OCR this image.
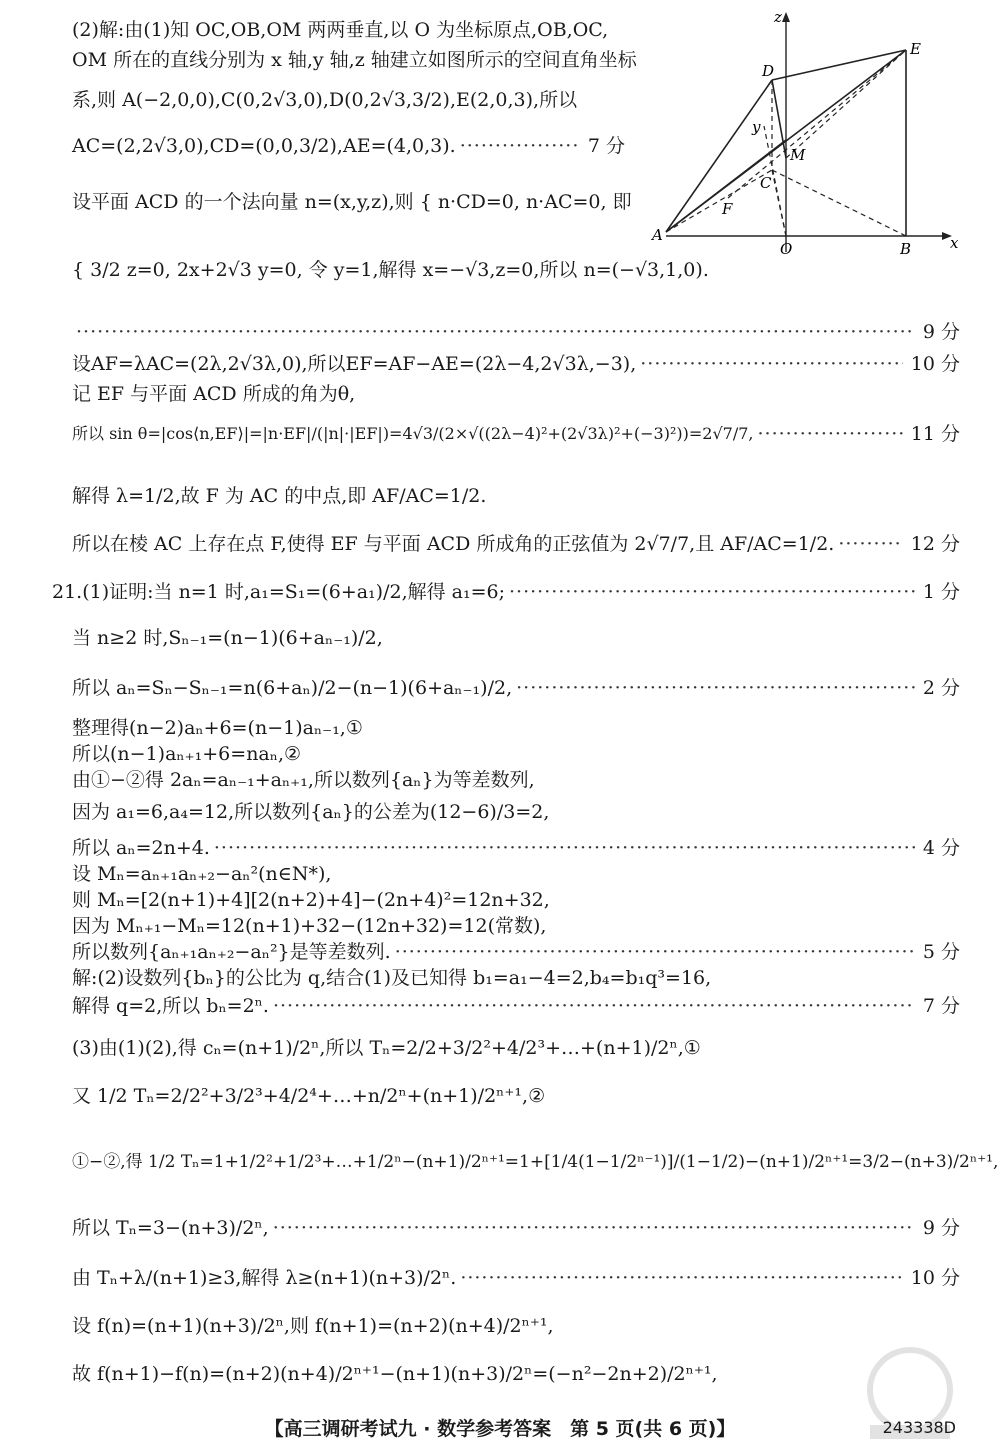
z
y
x
A
B
O
C
D
E
M
F
(2)解:由(1)知 OC,OB,OM 两两垂直,以 O 为坐标原点,OB,OC,
OM 所在的直线分别为 x 轴,y 轴,z 轴建立如图所示的空间直角坐标
系,则 A(−2,0,0),C(0,2√3,0),D(0,2√3,3/2),E(2,0,3),所以
AC=(2,2√3,0),CD=(0,0,3/2),AE=(4,0,3). ·····	7 分
设平面 ACD 的一个法向量 n=(x,y,z),则 { n·CD=0, n·AC=0, 即
{ 3/2 z=0, 2x+2√3 y=0, 令 y=1,解得 x=−√3,z=0,所以 n=(−√3,1,0).
·····
9 分
设AF=λAC=(2λ,2√3λ,0),所以EF=AF−AE=(2λ−4,2√3λ,−3), ·····	10 分
记 EF 与平面 ACD 所成的角为θ,
所以 sin θ=|cos⟨n,EF⟩|=|n·EF|/(|n|·|EF|)=4√3/(2×√((2λ−4)²+(2√3λ)²+(−3)²))=2√7/7, ·····	11 分
解得 λ=1/2,故 F 为 AC 的中点,即 AF/AC=1/2.
所以在棱 AC 上存在点 F,使得 EF 与平面 ACD 所成角的正弦值为 2√7/7,且 AF/AC=1/2. ·····	12 分
21.(1)证明:当 n=1 时,a₁=S₁=(6+a₁)/2,解得 a₁=6; ·····	1 分
当 n≥2 时,Sₙ₋₁=(n−1)(6+aₙ₋₁)/2,
所以 aₙ=Sₙ−Sₙ₋₁=n(6+aₙ)/2−(n−1)(6+aₙ₋₁)/2, ·····	2 分
整理得(n−2)aₙ+6=(n−1)aₙ₋₁,①
所以(n−1)aₙ₊₁+6=naₙ,②
由①−②得 2aₙ=aₙ₋₁+aₙ₊₁,所以数列{aₙ}为等差数列,
因为 a₁=6,a₄=12,所以数列{aₙ}的公差为(12−6)/3=2,
所以 aₙ=2n+4. ·····	4 分
设 Mₙ=aₙ₊₁aₙ₊₂−aₙ²(n∈N*),
则 Mₙ=[2(n+1)+4][2(n+2)+4]−(2n+4)²=12n+32,
因为 Mₙ₊₁−Mₙ=12(n+1)+32−(12n+32)=12(常数),
所以数列{aₙ₊₁aₙ₊₂−aₙ²}是等差数列. ·····	5 分
解:(2)设数列{bₙ}的公比为 q,结合(1)及已知得 b₁=a₁−4=2,b₄=b₁q³=16,
解得 q=2,所以 bₙ=2ⁿ. ·····	7 分
(3)由(1)(2),得 cₙ=(n+1)/2ⁿ,所以 Tₙ=2/2+3/2²+4/2³+…+(n+1)/2ⁿ,①
又 1/2 Tₙ=2/2²+3/2³+4/2⁴+…+n/2ⁿ+(n+1)/2ⁿ⁺¹,②
①−②,得 1/2 Tₙ=1+1/2²+1/2³+…+1/2ⁿ−(n+1)/2ⁿ⁺¹=1+[1/4(1−1/2ⁿ⁻¹)]/(1−1/2)−(n+1)/2ⁿ⁺¹=3/2−(n+3)/2ⁿ⁺¹,
所以 Tₙ=3−(n+3)/2ⁿ, ·····	9 分
由 Tₙ+λ/(n+1)≥3,解得 λ≥(n+1)(n+3)/2ⁿ. ·····	10 分
设 f(n)=(n+1)(n+3)/2ⁿ,则 f(n+1)=(n+2)(n+4)/2ⁿ⁺¹,
故 f(n+1)−f(n)=(n+2)(n+4)/2ⁿ⁺¹−(n+1)(n+3)/2ⁿ=(−n²−2n+2)/2ⁿ⁺¹,
【高三调研考试九 · 数学参考答案　第 5 页(共 6 页)】	243338D
